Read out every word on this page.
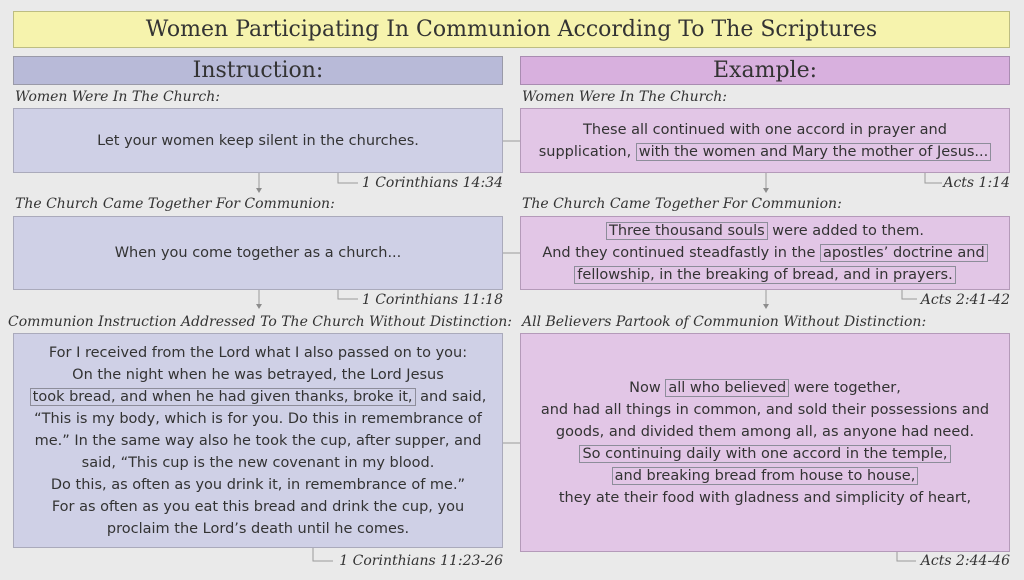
Women Participating In Communion According To The Scriptures
Instruction:	Example:
Women Were In The Church:
Let your women keep silent in the churches.
1 Corinthians 14:34
The Church Came Together For Communion:
When you come together as a church...
1 Corinthians 11:18
Communion Instruction Addressed To The Church Without Distinction:
For I received from the Lord what I also passed on to you:
On the night when he was betrayed, the Lord Jesus
took bread, and when he had given thanks, broke it, and said,
“This is my body, which is for you. Do this in remembrance of
me.” In the same way also he took the cup, after supper, and
said, “This cup is the new covenant in my blood.
Do this, as often as you drink it, in remembrance of me.”
For as often as you eat this bread and drink the cup, you
proclaim the Lord’s death until he comes.
1 Corinthians 11:23-26
Women Were In The Church:
These all continued with one accord in prayer and
supplication, with the women and Mary the mother of Jesus...
Acts 1:14
The Church Came Together For Communion:
Three thousand souls were added to them.
And they continued steadfastly in the apostles’ doctrine and
fellowship, in the breaking of bread, and in prayers.
Acts 2:41-42
All Believers Partook of Communion Without Distinction:
Now all who believed were together,
and had all things in common, and sold their possessions and
goods, and divided them among all, as anyone had need.
So continuing daily with one accord in the temple,
and breaking bread from house to house,
they ate their food with gladness and simplicity of heart,
Acts 2:44-46
